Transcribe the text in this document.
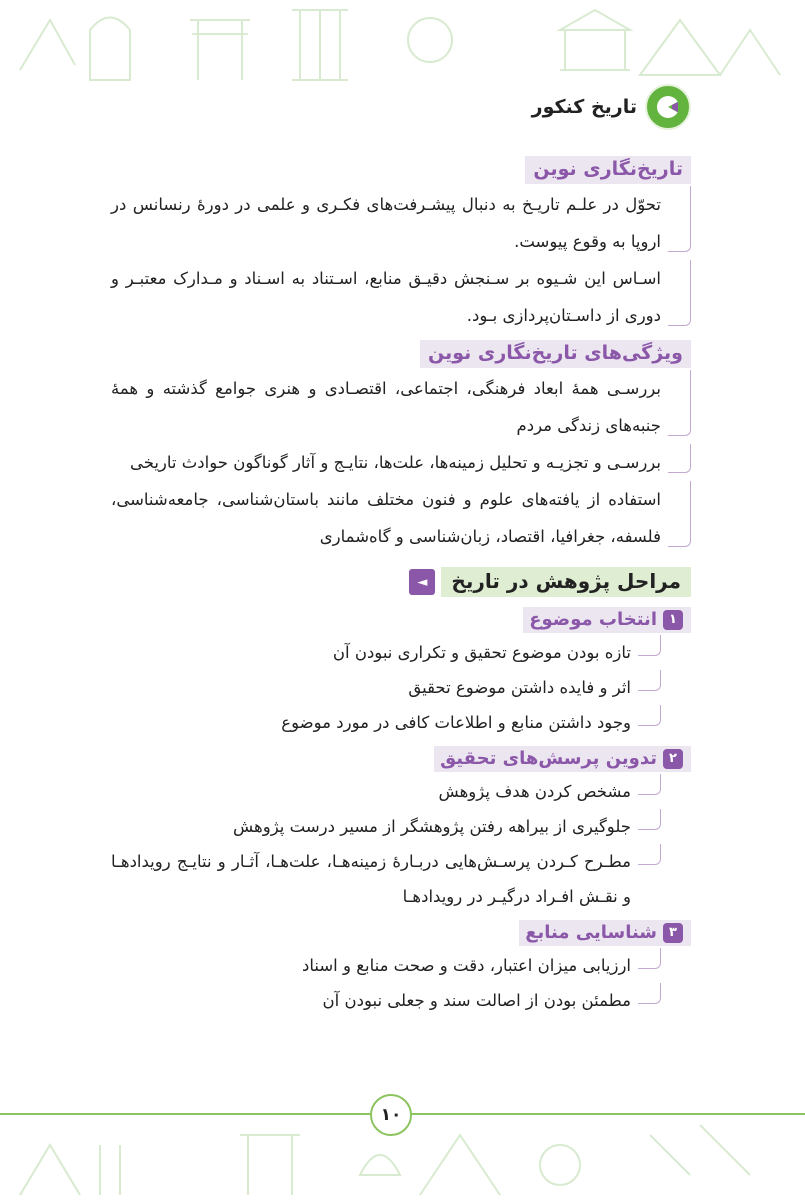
تاریخ کنکور
تاریخ‌نگاری نوین
تحوّل در علـم تاریـخ به دنبال پیشـرفت‌های فکـری و علمی در دورهٔ رنسانس در اروپا به وقوع پیوست.
اسـاس این شـیوه بر سـنجش دقیـق منابع، اسـتناد به اسـناد و مـدارک معتبـر و دوری از داسـتان‌پردازی بـود.
ویژگی‌های تاریخ‌نگاری نوین
بررسـی همهٔ ابعاد فرهنگی، اجتماعی، اقتصـادی و هنری جوامع گذشته و همهٔ جنبه‌های زندگی مردم
بررسـی و تجزیـه و تحلیل زمینه‌ها، علت‌ها، نتایـج و آثار گوناگون حوادث تاریخی
استفاده از یافته‌های علوم و فنون مختلف مانند باستان‌شناسی، جامعه‌شناسی، فلسفه، جغرافیا، اقتصاد، زبان‌شناسی و گاه‌شماری
مراحل پژوهش در تاریخ
◄
۱
انتخاب موضوع
تازه بودن موضوع تحقیق و تکراری نبودن آن
اثر و فایده داشتن موضوع تحقیق
وجود داشتن منابع و اطلاعات کافی در مورد موضوع
۲
تدوین پرسش‌های تحقیق
مشخص کردن هدف پژوهش
جلوگیری از بیراهه رفتن پژوهشگر از مسیر درست پژوهش
مطـرح کـردن پرسـش‌هایی دربـارهٔ زمینه‌هـا، علت‌هـا، آثـار و نتایـج رویدادهـا و نقـش افـراد درگیـر در رویدادهـا
۳
شناسایی منابع
ارزیابی میزان اعتبار، دقت و صحت منابع و اسناد
مطمئن بودن از اصالت سند و جعلی نبودن آن
۱۰
